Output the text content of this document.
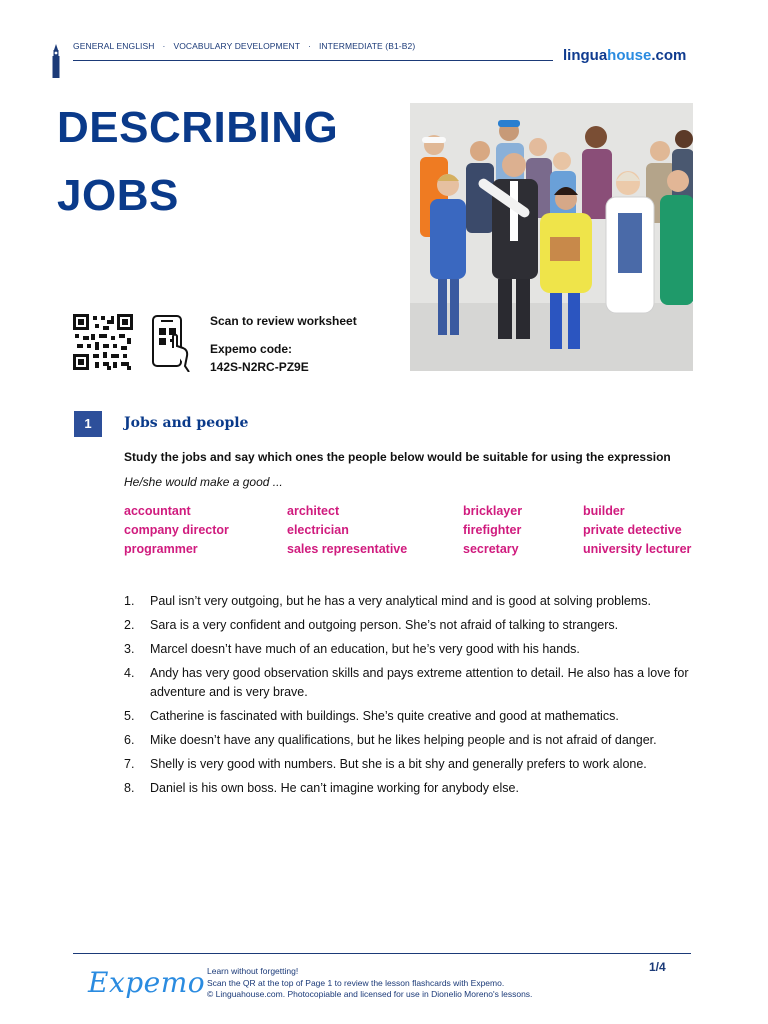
GENERAL ENGLISH · VOCABULARY DEVELOPMENT · INTERMEDIATE (B1-B2)
linguahouse.com
DESCRIBING
JOBS
Scan to review worksheet
Expemo code:
142S-N2RC-PZ9E
1	Jobs and people
Study the jobs and say which ones the people below would be suitable for using the expression
He/she would make a good ...
accountant	architect	bricklayer	builder
company director	electrician	firefighter	private detective
programmer	sales representative	secretary	university lecturer
1. Paul isn’t very outgoing, but he has a very analytical mind and is good at solving problems.
2. Sara is a very confident and outgoing person. She’s not afraid of talking to strangers.
3. Marcel doesn’t have much of an education, but he’s very good with his hands.
4. Andy has very good observation skills and pays extreme attention to detail. He also has a love for adventure and is very brave.
5. Catherine is fascinated with buildings. She’s quite creative and good at mathematics.
6. Mike doesn’t have any qualifications, but he likes helping people and is not afraid of danger.
7. Shelly is very good with numbers. But she is a bit shy and generally prefers to work alone.
8. Daniel is his own boss. He can’t imagine working for anybody else.
Expemo Learn without forgetting!
Scan the QR at the top of Page 1 to review the lesson flashcards with Expemo.
© Linguahouse.com. Photocopiable and licensed for use in Dionelio Moreno's lessons.
1/4
